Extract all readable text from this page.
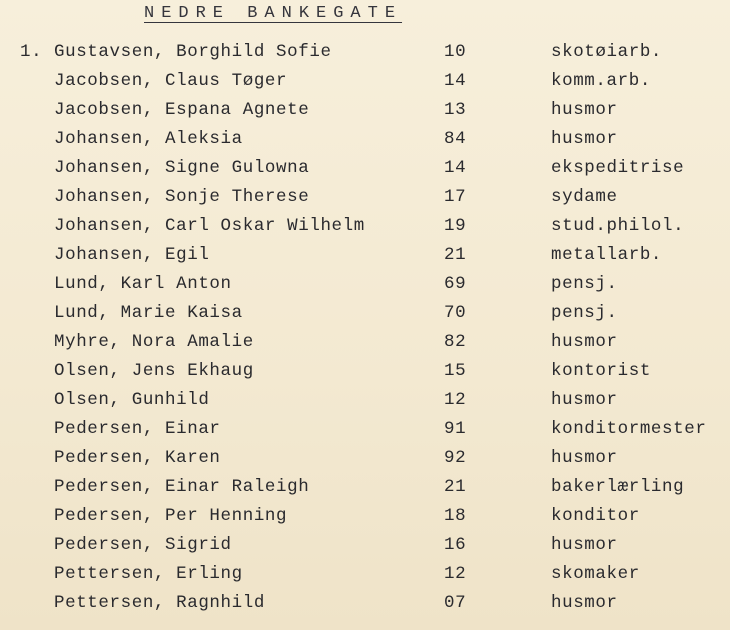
NEDRE BANKEGATE
1. Gustavsen, Borghild Sofie	10	skotøiarb.
Jacobsen, Claus Tøger	14	komm.arb.
Jacobsen, Espana Agnete	13	husmor
Johansen, Aleksia	84	husmor
Johansen, Signe Gulowna	14	ekspeditrise
Johansen, Sonje Therese	17	sydame
Johansen, Carl Oskar Wilhelm	19	stud.philol.
Johansen, Egil	21	metallarb.
Lund, Karl Anton	69	pensj.
Lund, Marie Kaisa	70	pensj.
Myhre, Nora Amalie	82	husmor
Olsen, Jens Ekhaug	15	kontorist
Olsen, Gunhild	12	husmor
Pedersen, Einar	91	konditormester
Pedersen, Karen	92	husmor
Pedersen, Einar Raleigh	21	bakerlærling
Pedersen, Per Henning	18	konditor
Pedersen, Sigrid	16	husmor
Pettersen, Erling	12	skomaker
Pettersen, Ragnhild	07	husmor
